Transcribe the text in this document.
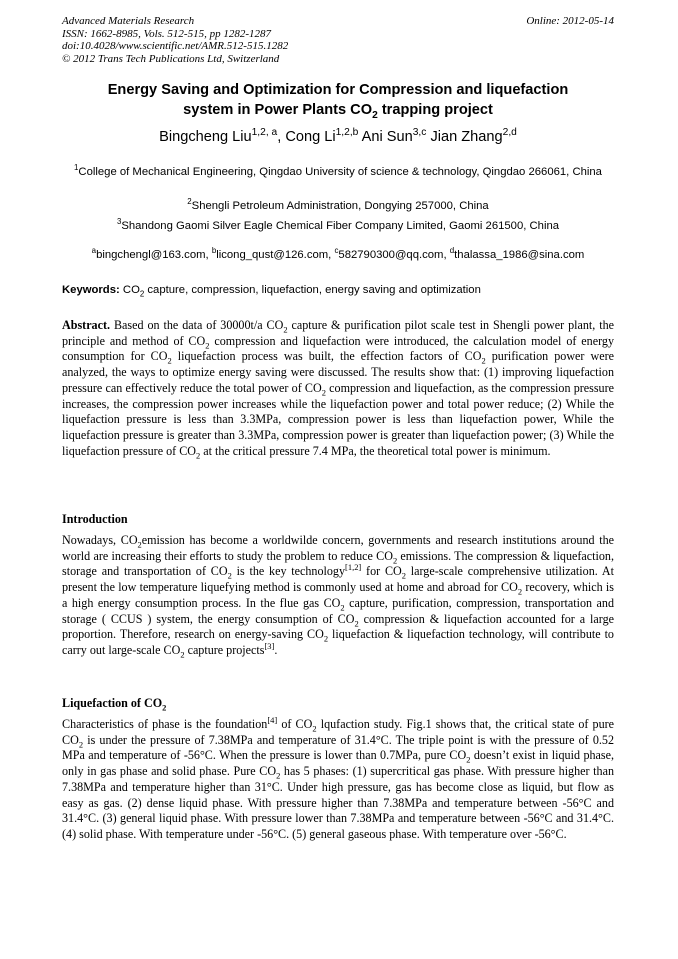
Advanced Materials Research
ISSN: 1662-8985, Vols. 512-515, pp 1282-1287
doi:10.4028/www.scientific.net/AMR.512-515.1282
© 2012 Trans Tech Publications Ltd, Switzerland
Online: 2012-05-14
Energy Saving and Optimization for Compression and liquefaction
system in Power Plants $CO_2$ trapping project
Bingcheng Liu$^{1,2, a}$, Cong Li$^{1,2,b}$ Ani Sun$^{3,c}$ Jian Zhang$^{2,d}$
$^1$College of Mechanical Engineering, Qingdao University of science & technology, Qingdao 266061, China
$^2$Shengli Petroleum Administration, Dongying 257000, China
$^3$Shandong Gaomi Silver Eagle Chemical Fiber Company Limited, Gaomi 261500, China
$^a$bingchengl@163.com, $^b$licong_qust@126.com, $^c$582790300@qq.com, $^d$thalassa_1986@sina.com
Keywords: $CO_2$ capture, compression, liquefaction, energy saving and optimization

Abstract. Based on the data of 30000t/a $CO_2$ capture & purification pilot scale test in Shengli power plant, the principle and method of $CO_2$ compression and liquefaction were introduced, the calculation model of energy consumption for $CO_2$ liquefaction process was built, the effection factors of $CO_2$ purification power were analyzed, the ways to optimize energy saving were discussed. The results show that: (1) improving liquefaction pressure can effectively reduce the total power of $CO_2$ compression and liquefaction, as the compression pressure increases, the compression power increases while the liquefaction power and total power reduce; (2) While the liquefaction pressure is less than 3.3MPa, compression power is less than liquefaction power, While the liquefaction pressure is greater than 3.3MPa, compression power is greater than liquefaction power; (3) While the liquefaction pressure of $CO_2$ at the critical pressure 7.4 MPa, the theoretical total power is minimum.

Introduction

Nowadays, $CO_2emission$ has become a worldwilde concern, governments and research institutions around the world are increasing their efforts to study the problem to reduce $CO_2$ emissions. The compression & liquefaction, storage and transportation of $CO_2$ is the key technology[1,2] for $CO_2$ large-scale comprehensive utilization. At present the low temperature liquefying method is commonly used at home and abroad for $CO_2$ recovery, which is a high energy consumption process. In the flue gas $CO_2$ capture, purification, compression, transportation and storage ( CCUS ) system, the energy consumption of $CO_2$ compression & liquefaction accounted for a large proportion. Therefore, research on energy-saving $CO_2$ liquefaction & liquefaction technology, will contribute to carry out large-scale $CO_2$ capture projects[3].

Liquefaction of $CO_2$

Characteristics of phase is the foundation[4] of $CO_2$ lqufaction study. Fig.1 shows that, the critical state of pure $CO_2$ is under the pressure of 7.38MPa and temperature of 31.4°C. The triple point is with the pressure of 0.52 MPa and temperature of -56°C. When the pressure is lower than 0.7MPa, pure $CO_2$ doesn’t exist in liquid phase, only in gas phase and solid phase. Pure $CO_2$ has 5 phases: (1) supercritical gas phase. With pressure higher than 7.38MPa and temperature higher than 31°C. Under high pressure, gas has become close as liquid, but flow as easy as gas. (2) dense liquid phase. With pressure higher than 7.38MPa and temperature between -56°C and 31.4°C. (3) general liquid phase. With pressure lower than 7.38MPa and temperature between -56°C and 31.4°C. (4) solid phase. With temperature under -56°C. (5) general gaseous phase. With temperature over -56°C.
